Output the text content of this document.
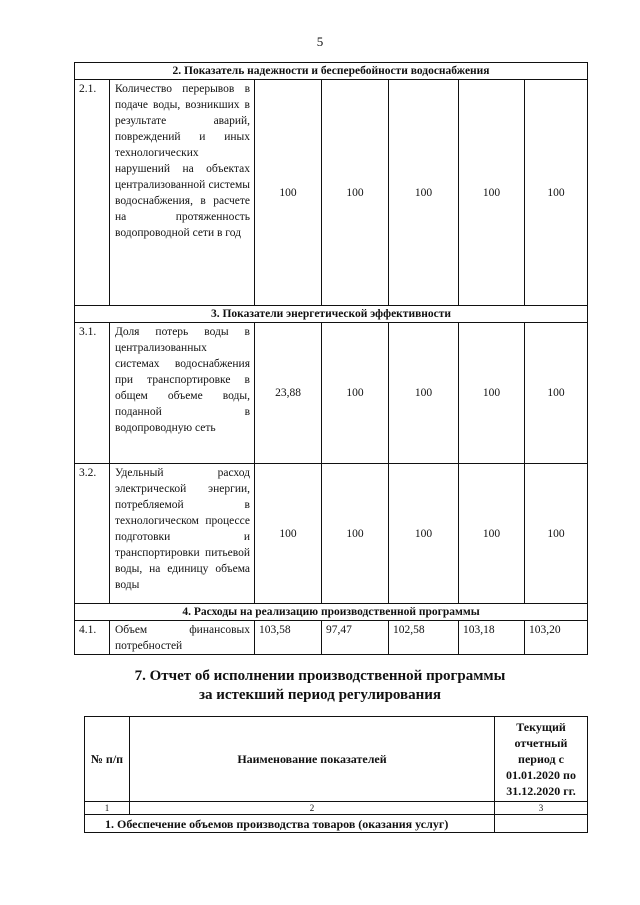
5
2. Показатель надежности и бесперебойности водоснабжения						
2.1.	Количество перерывов в подаче воды, возникших в результате аварий, повреждений и иных технологических нарушений на объектах централизованной системы водоснабжения, в расчете на протяженность водопроводной сети в год	100	100	100	100	100
3. Показатели энергетической эффективности						
3.1.	Доля потерь воды в централизованных системах водоснабжения при транспортировке в общем объеме воды, поданной в водопроводную сеть	23,88	100	100	100	100
3.2.	Удельный расход электрической энергии, потребляемой в технологическом процессе подготовки и транспортировки питьевой воды, на единицу объема воды	100	100	100	100	100
4. Расходы на реализацию производственной программы						
4.1.	Объем финансовых потребностей	103,58	97,47	102,58	103,18	103,20
7. Отчет об исполнении производственной программы
за истекший период регулирования
№ п/п	Наименование показателей	Текущий отчетный период с 01.01.2020 по 31.12.2020 гг.
1	2	3
1. Обеспечение объемов производства товаров (оказания услуг)		
